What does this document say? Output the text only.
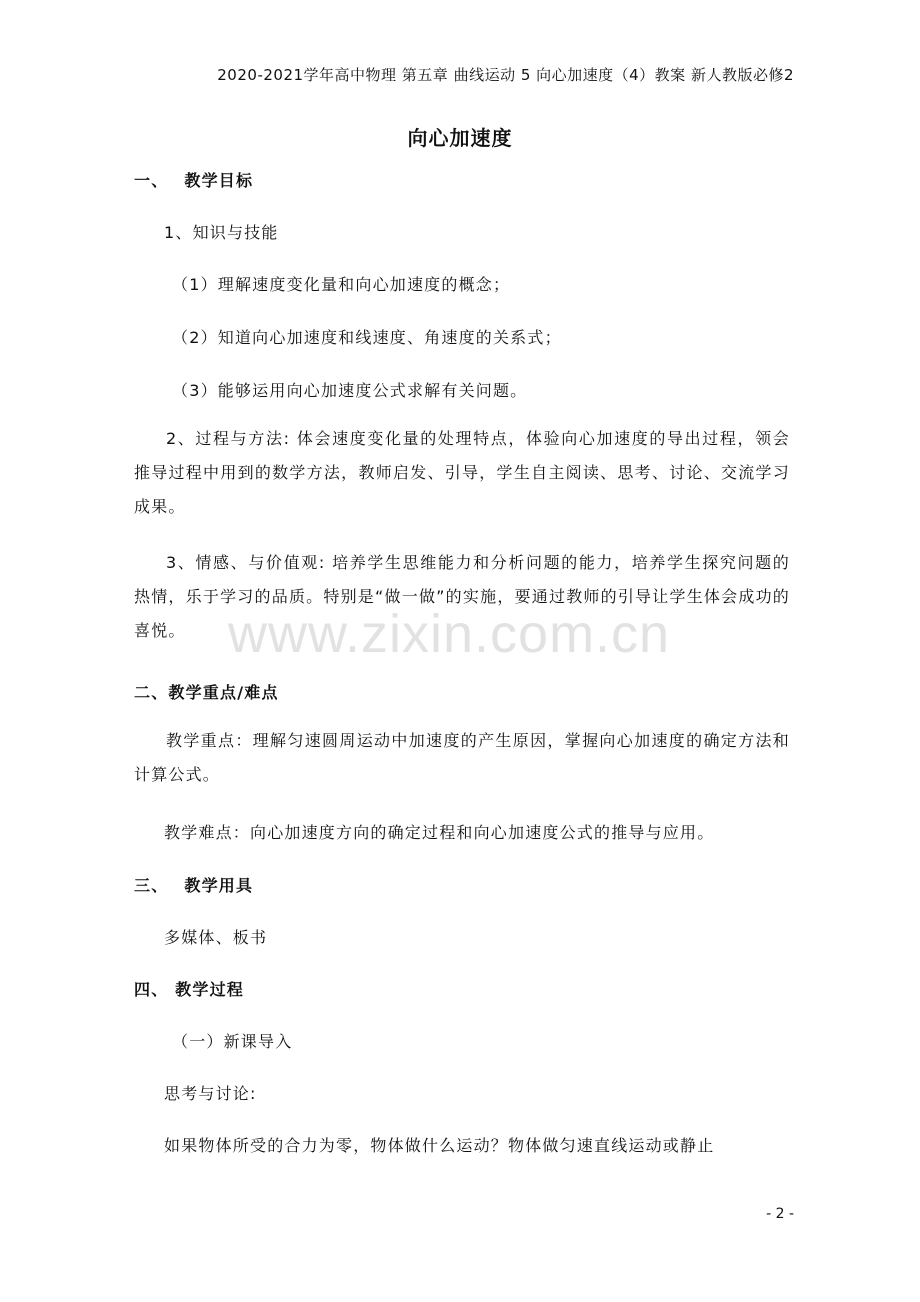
2020-2021学年高中物理 第五章 曲线运动 5 向心加速度（4）教案 新人教版必修2
向心加速度
一、　 教学目标
1、知识与技能
（1）理解速度变化量和向心加速度的概念；
（2）知道向心加速度和线速度、角速度的关系式；
（3）能够运用向心加速度公式求解有关问题。
2、过程与方法: 体会速度变化量的处理特点，体验向心加速度的导出过程，领会推导过程中用到的数学方法，教师启发、引导，学生自主阅读、思考、讨论、交流学习成果。
3、情感、与价值观: 培养学生思维能力和分析问题的能力，培养学生探究问题的热情，乐于学习的品质。特别是“做一做”的实施，要通过教师的引导让学生体会成功的喜悦。
二、教学重点/难点
教学重点：理解匀速圆周运动中加速度的产生原因，掌握向心加速度的确定方法和计算公式。
教学难点：向心加速度方向的确定过程和向心加速度公式的推导与应用。
三、　 教学用具
多媒体、板书
四、 教学过程
（一）新课导入
思考与讨论:
如果物体所受的合力为零，物体做什么运动？物体做匀速直线运动或静止
www.zixin.com.cn
- 2 -
